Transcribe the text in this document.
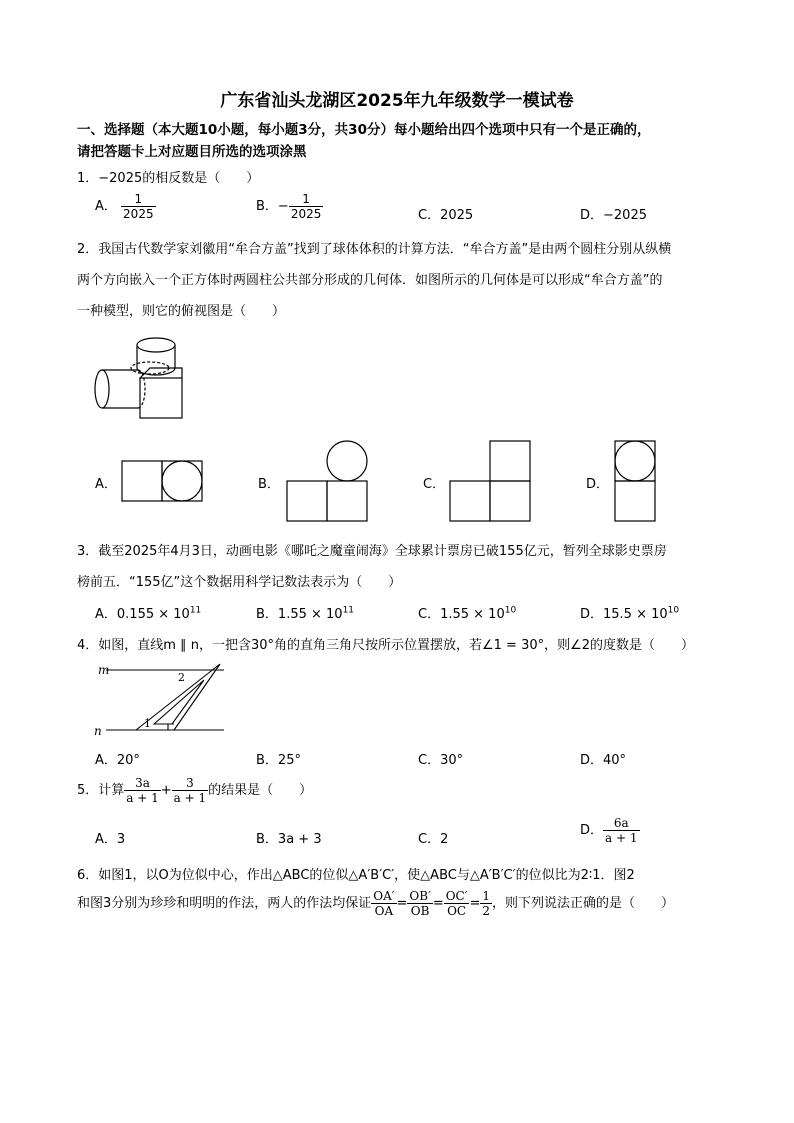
广东省汕头龙湖区2025年九年级数学一模试卷
一、选择题（本大题10小题，每小题3分，共30分）每小题给出四个选项中只有一个是正确的，
请把答题卡上对应题目所选的选项涂黑
1．−2025的相反数是（　　）
A． $\frac{1}{2025}$	B．− $\frac{1}{2025}$	C．2025	D．−2025
2．我国古代数学家刘徽用“牟合方盖”找到了球体体积的计算方法．“牟合方盖”是由两个圆柱分别从纵横
两个方向嵌入一个正方体时两圆柱公共部分形成的几何体．如图所示的几何体是可以形成“牟合方盖”的
一种模型，则它的俯视图是（　　）
A．	B．	C．	D．
3．截至2025年4月3日，动画电影《哪吒之魔童闹海》全球累计票房已破155亿元，暂列全球影史票房
榜前五．“155亿”这个数据用科学记数法表示为（　　）
A．$0.155 \times 10^{11}$	B．$1.55 \times 10^{11}$	C．$1.55 \times 10^{10}$	D．$15.5 \times 10^{10}$
4．如图，直线m ∥ n，一把含30°角的直角三角尺按所示位置摆放，若∠1 = 30°，则∠2的度数是（　　）
m
n
1
2
A．20°	B．25°	C．30°	D．40°
5．计算 $\frac{3a}{a + 1} + \frac{3}{a + 1}$ 的结果是（　　）
A．3	B．3a + 3	C．2
D． $\frac{6a}{a + 1}$
6．如图1，以O为位似中心，作出△ABC的位似△A′B′C′，使△ABC与△A′B′C′的位似比为2∶1．图2
和图3分别为珍珍和明明的作法，两人的作法均保证 $\frac{OA'}{OA} = \frac{OB'}{OB} = \frac{OC'}{OC} = \frac{1}{2}$ ，则下列说法正确的是（　　）
